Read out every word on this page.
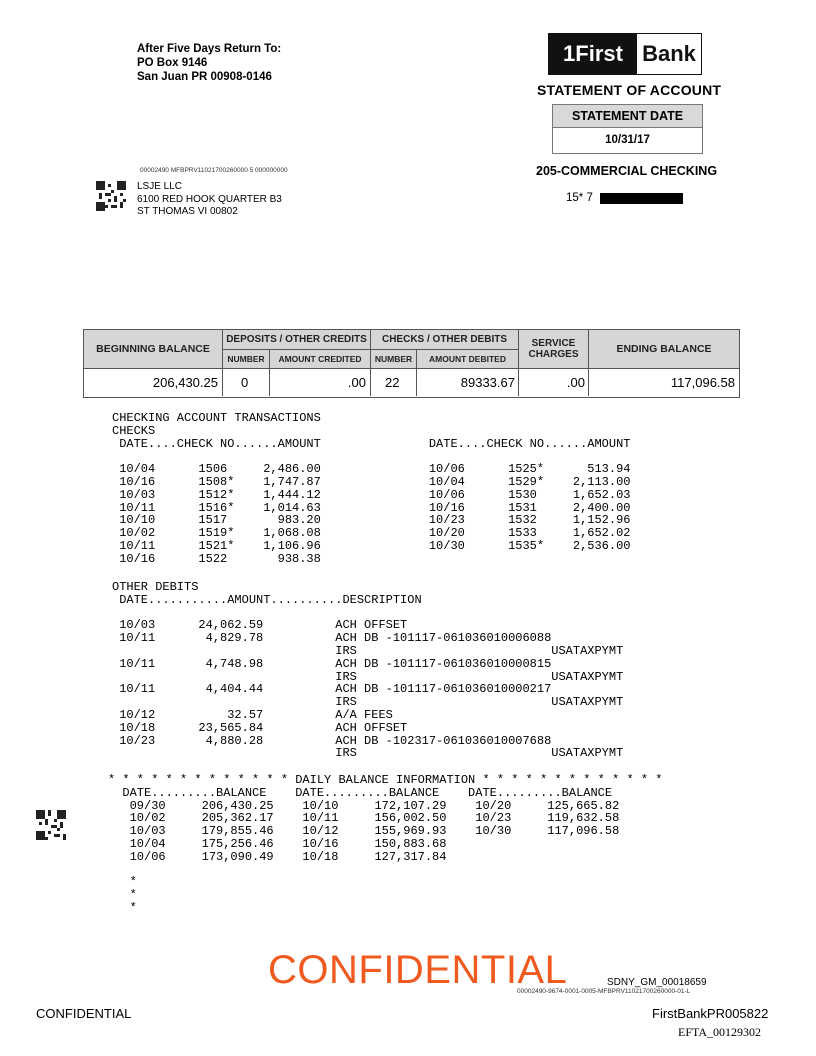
After Five Days Return To:
PO Box 9146
San Juan PR 00908-0146
1 First Bank
STATEMENT OF ACCOUNT
STATEMENT DATE
10/31/17
205-COMMERCIAL CHECKING
15* 7
00002490 MFBPRV11021700260000 5 000000000
LSJE LLC
6100 RED HOOK QUARTER B3
ST THOMAS VI 00802
BEGINNING BALANCE
DEPOSITS / OTHER CREDITS
NUMBER	AMOUNT CREDITED
CHECKS / OTHER DEBITS
NUMBER	AMOUNT DEBITED
SERVICE
CHARGES	ENDING BALANCE
206,430.25 0	.00 22	89333.67	.00	117,096.58
CHECKING ACCOUNT TRANSACTIONS
CHECKS
DATE....CHECK NO......AMOUNT               DATE....CHECK NO......AMOUNT
10/04      1506     2,486.00               10/06      1525*      513.94
10/16      1508*    1,747.87               10/04      1529*    2,113.00
10/03      1512*    1,444.12               10/06      1530     1,652.03
10/11      1516*    1,014.63               10/16      1531     2,400.00
10/10      1517       983.20               10/23      1532     1,152.96
10/02      1519*    1,068.08               10/20      1533     1,652.02
10/11      1521*    1,106.96               10/30      1535*    2,536.00
10/16      1522       938.38
OTHER DEBITS
DATE...........AMOUNT..........DESCRIPTION
10/03      24,062.59          ACH OFFSET
10/11       4,829.78          ACH DB -101117-061036010006088
IRS                           USATAXPYMT
10/11       4,748.98          ACH DB -101117-061036010000815
IRS                           USATAXPYMT
10/11       4,404.44          ACH DB -101117-061036010000217
IRS                           USATAXPYMT
10/12          32.57          A/A FEES
10/18      23,565.84          ACH OFFSET
10/23       4,880.28          ACH DB -102317-061036010007688
IRS                           USATAXPYMT
* * * * * * * * * * * * * DAILY BALANCE INFORMATION * * * * * * * * * * * * *
DATE.........BALANCE    DATE.........BALANCE    DATE.........BALANCE
09/30     206,430.25    10/10     172,107.29    10/20     125,665.82
10/02     205,362.17    10/11     156,002.50    10/23     119,632.58
10/03     179,855.46    10/12     155,969.93    10/30     117,096.58
10/04     175,256.46    10/16     150,883.68
10/06     173,090.49    10/18     127,317.84
*
*
*
CONFIDENTIAL	SDNY_GM_00018659
00002490-9674-0001-0005-MFBPRV11021700260000-01-L
CONFIDENTIAL	FirstBankPR005822
EFTA_00129302
